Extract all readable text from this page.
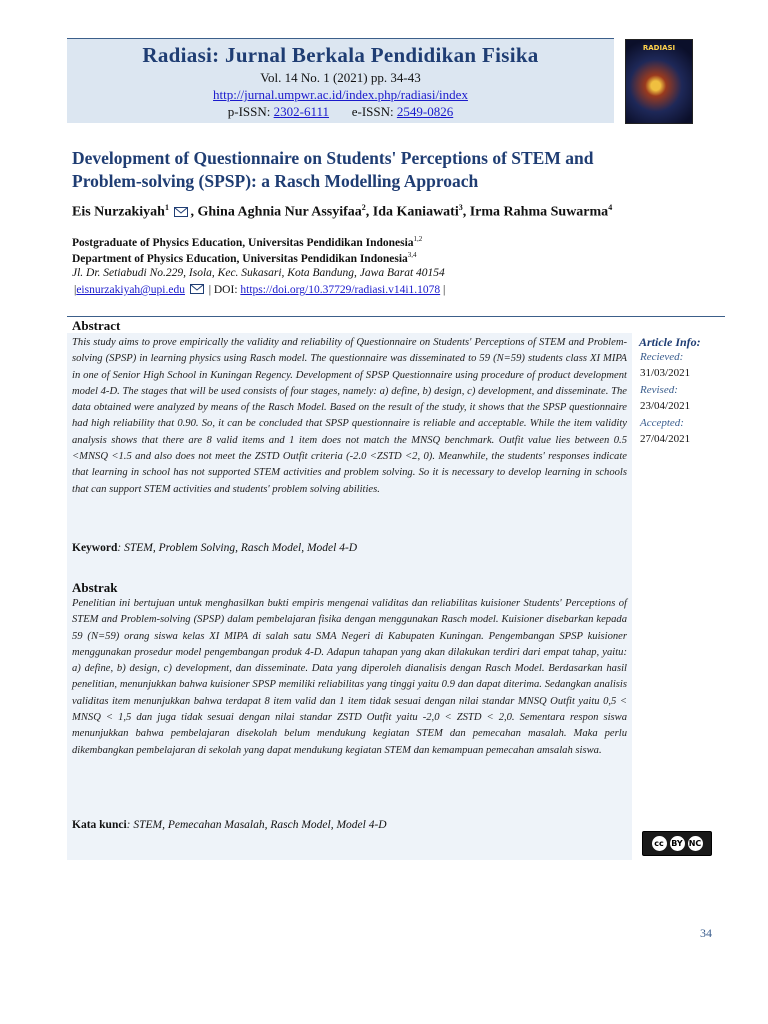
Radiasi: Jurnal Berkala Pendidikan Fisika
Vol. 14 No. 1 (2021) pp. 34-43
http://jurnal.umpwr.ac.id/index.php/radiasi/index
p-ISSN: 2302-6111 e-ISSN: 2549-0826
RADIASI
Development of Questionnaire on Students' Perceptions of STEM and
Problem-solving (SPSP): a Rasch Modelling Approach
Eis Nurzakiyah$^1$ , Ghina Aghnia Nur Assyifaa$^2$, Ida Kaniawati$^3$, Irma Rahma Suwarma$^4$
Postgraduate of Physics Education, Universitas Pendidikan Indonesia$^{1,2}$
Department of Physics Education, Universitas Pendidikan Indonesia$^{3,4}$
Jl. Dr. Setiabudi No.229, Isola, Kec. Sukasari, Kota Bandung, Jawa Barat 40154
|eisnurzakiyah@upi.edu  | DOI: https://doi.org/10.37729/radiasi.v14i1.1078 |
Abstract
This study aims to prove empirically the validity and reliability of Questionnaire on Students' Perceptions of STEM and Problem-solving (SPSP) in learning physics using Rasch model. The questionnaire was disseminated to 59 (N=59) students class XI MIPA in one of Senior High School in Kuningan Regency. Development of SPSP Questionnaire using procedure of product development model 4-D. The stages that will be used consists of four stages, namely: a) define, b) design, c) development, and disseminate. The data obtained were analyzed by means of the Rasch Model. Based on the result of the study, it shows that the SPSP questionnaire had high reliability that 0.90. So, it can be concluded that SPSP questionnaire is reliable and acceptable. While the item validity analysis shows that there are 8 valid items and 1 item does not match the MNSQ benchmark. Outfit value lies between 0.5 <MNSQ <1.5 and also does not meet the ZSTD Outfit criteria (-2.0 <ZSTD <2, 0). Meanwhile, the students' responses indicate that learning in school has not supported STEM activities and problem solving. So it is necessary to develop learning in schools that can support STEM activities and students' problem solving abilities.
Keyword: STEM, Problem Solving, Rasch Model, Model 4-D
Abstrak
Penelitian ini bertujuan untuk menghasilkan bukti empiris mengenai validitas dan reliabilitas kuisioner Students' Perceptions of STEM and Problem-solving (SPSP) dalam pembelajaran fisika dengan menggunakan Rasch model. Kuisioner disebarkan kepada 59 (N=59) orang siswa kelas XI MIPA di salah satu SMA Negeri di Kabupaten Kuningan. Pengembangan SPSP kuisioner menggunakan prosedur model pengembangan produk 4-D. Adapun tahapan yang akan dilakukan terdiri dari empat tahap, yaitu: a) define, b) design, c) development, dan disseminate. Data yang diperoleh dianalisis dengan Rasch Model. Berdasarkan hasil penelitian, menunjukkan bahwa kuisioner SPSP memiliki reliabilitas yang tinggi yaitu 0.9 dan dapat diterima. Sedangkan analisis validitas item menunjukkan bahwa terdapat 8 item valid dan 1 item tidak sesuai dengan nilai standar MNSQ Outfit yaitu 0,5 < MNSQ < 1,5 dan juga tidak sesuai dengan nilai standar ZSTD Outfit yaitu -2,0 < ZSTD < 2,0. Sementara respon siswa menunjukkan bahwa pembelajaran disekolah belum mendukung kegiatan STEM dan pemecahan masalah. Maka perlu dikembangkan pembelajaran di sekolah yang dapat mendukung kegiatan STEM dan kemampuan pemecahan amsalah siswa.
Kata kunci: STEM, Pemecahan Masalah, Rasch Model, Model 4-D
Article Info:
Recieved:
31/03/2021
Revised:
23/04/2021
Accepted:
27/04/2021
cc BY NC
34
